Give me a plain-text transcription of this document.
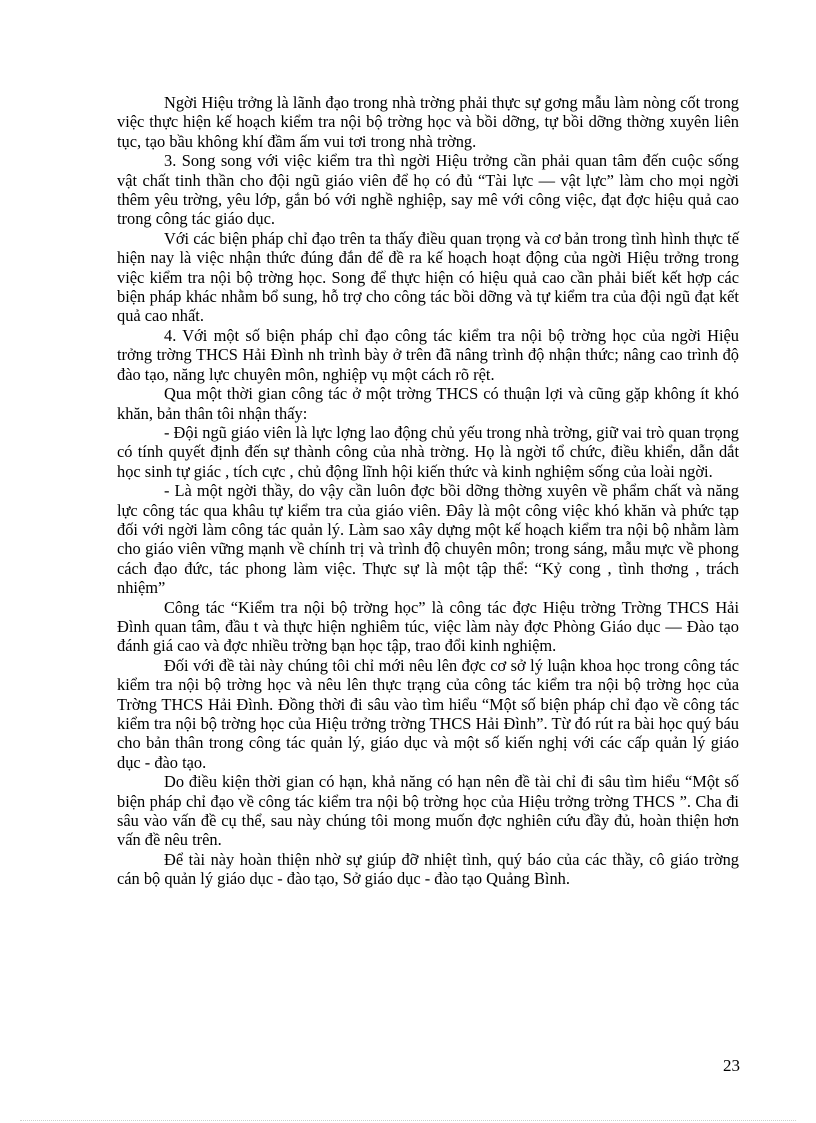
Ngời Hiệu trởng là lãnh đạo trong nhà trờng phải thực sự gơng mẫu làm nòng cốt trong việc thực hiện kế hoạch kiểm tra nội bộ trờng học và bồi dỡng, tự bồi dỡng thờng xuyên liên tục, tạo bầu không khí đầm ấm vui tơi trong nhà trờng.

3. Song song với việc kiểm tra thì ngời Hiệu trởng cần phải quan tâm đến cuộc sống vật chất tinh thần cho đội ngũ giáo viên để họ có đủ “Tài lực — vật lực” làm cho mọi ngời thêm yêu trờng, yêu lớp, gắn bó với nghề nghiệp, say mê với công việc, đạt đợc hiệu quả cao trong công tác giáo dục.

Với các biện pháp chỉ đạo trên ta thấy điều quan trọng và cơ bản trong tình hình thực tế hiện nay là việc nhận thức đúng đắn để đề ra kế hoạch hoạt động của ngời Hiệu trởng trong việc kiểm tra nội bộ trờng học. Song để thực hiện có hiệu quả cao cần phải biết kết hợp các biện pháp khác nhằm bổ sung, hỗ trợ cho công tác bồi dỡng và tự kiểm tra của đội ngũ đạt kết quả cao nhất.

4. Với một số biện pháp chỉ đạo công tác kiểm tra nội bộ trờng học của ngời Hiệu trởng trờng THCS Hải Đình nh trình bày ở trên đã nâng trình độ nhận thức; nâng cao trình độ đào tạo, năng lực chuyên môn, nghiệp vụ một cách rõ rệt.

Qua một thời gian công tác ở một trờng THCS có thuận lợi và cũng gặp không ít khó khăn, bản thân tôi nhận thấy:

- Đội ngũ giáo viên là lực lợng lao động chủ yếu trong nhà trờng, giữ vai trò quan trọng có tính quyết định đến sự thành công của nhà trờng. Họ là ngời tổ chức, điều khiển, dẫn dắt học sinh tự giác , tích cực , chủ động lĩnh hội kiến thức và kinh nghiệm sống của loài ngời.

- Là một ngời thầy, do vậy cần luôn đợc bồi dỡng thờng xuyên về phẩm chất và năng lực công tác qua khâu tự kiểm tra của giáo viên. Đây là một công việc khó khăn và phức tạp đối với ngời làm công tác quản lý. Làm sao xây dựng một kế hoạch kiểm tra nội bộ nhằm làm cho giáo viên vững mạnh về chính trị và trình độ chuyên môn; trong sáng, mẫu mực về phong cách đạo đức, tác phong làm việc. Thực sự là một tập thể: “Kỷ cong , tình thơng , trách nhiệm”

Công tác “Kiểm tra nội bộ trờng học” là công tác đợc Hiệu trờng Trờng THCS Hải Đình quan tâm, đầu t và thực hiện nghiêm túc, việc làm này đợc Phòng Giáo dục — Đào tạo đánh giá cao và đợc nhiều trờng bạn học tập, trao đổi kinh nghiệm.

Đối với đề tài này chúng tôi chỉ mới nêu lên đợc cơ sở lý luận khoa học trong công tác kiểm tra nội bộ trờng học và nêu lên thực trạng của công tác kiểm tra nội bộ trờng học của Trờng THCS Hải Đình. Đồng thời đi sâu vào tìm hiểu “Một số biện pháp chỉ đạo về công tác kiểm tra nội bộ trờng học của Hiệu trởng trờng THCS Hải Đình”. Từ đó rút ra bài học quý báu cho bản thân trong công tác quản lý, giáo dục và một số kiến nghị với các cấp quản lý giáo dục - đào tạo.

Do điều kiện thời gian có hạn, khả năng có hạn nên đề tài chỉ đi sâu tìm hiểu “Một số biện pháp chỉ đạo về công tác kiểm tra nội bộ trờng học của Hiệu trởng trờng THCS ”. Cha đi sâu vào vấn đề cụ thể, sau này chúng tôi mong muốn đợc nghiên cứu đầy đủ, hoàn thiện hơn vấn đề nêu trên.

Để tài này hoàn thiện nhờ sự giúp đỡ nhiệt tình, quý báo của các thầy, cô giáo trờng cán bộ quản lý giáo dục - đào tạo, Sở giáo dục - đào tạo Quảng Bình.

23
